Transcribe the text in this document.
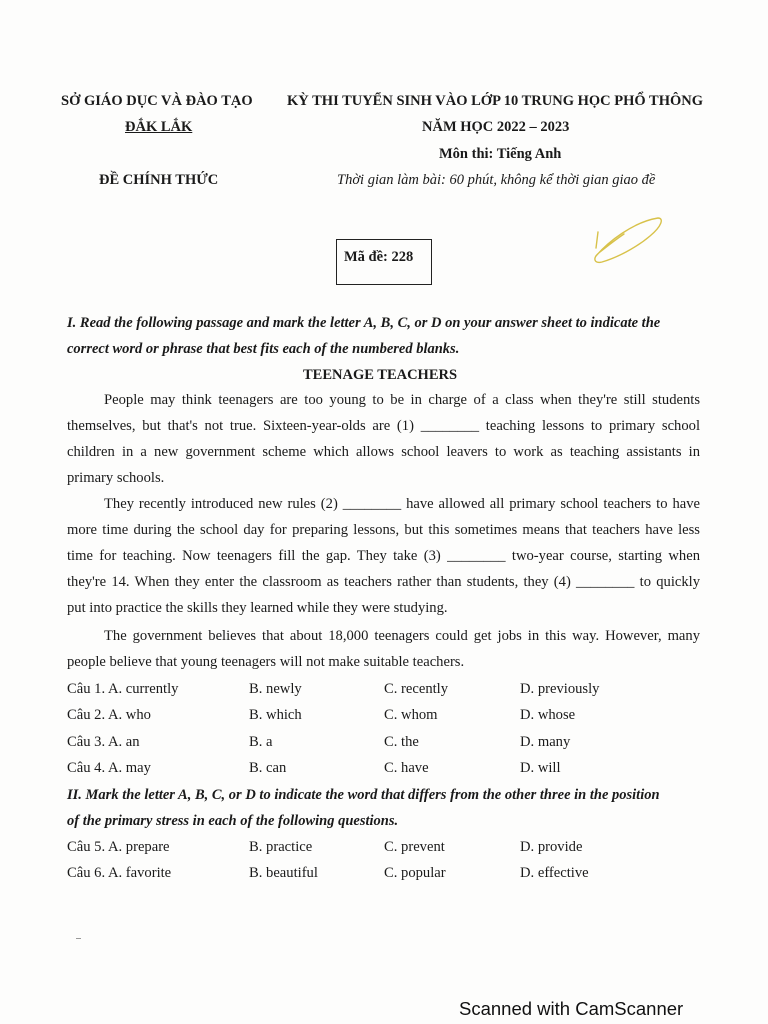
SỞ GIÁO DỤC VÀ ĐÀO TẠO
ĐẮK LẮK
ĐỀ CHÍNH THỨC
KỲ THI TUYỂN SINH VÀO LỚP 10 TRUNG HỌC PHỔ THÔNG
NĂM HỌC 2022 – 2023
Môn thi: Tiếng Anh
Thời gian làm bài: 60 phút, không kể thời gian giao đề
Mã đề: 228
I. Read the following passage and mark the letter A, B, C, or D on your answer sheet to indicate the
correct word or phrase that best fits each of the numbered blanks.
TEENAGE TEACHERS
People may think teenagers are too young to be in charge of a class when they're still students
themselves, but that's not true. Sixteen-year-olds are (1) ________ teaching lessons to primary school
children in a new government scheme which allows school leavers to work as teaching assistants in
primary schools.
They recently introduced new rules (2) ________ have allowed all primary school teachers to have
more time during the school day for preparing lessons, but this sometimes means that teachers have less
time for teaching. Now teenagers fill the gap. They take (3) ________ two-year course, starting when
they're 14. When they enter the classroom as teachers rather than students, they (4) ________ to quickly
put into practice the skills they learned while they were studying.
The government believes that about 18,000 teenagers could get jobs in this way. However, many
people believe that young teenagers will not make suitable teachers.
Câu 1. A. currently	B. newly	C. recently	D. previously
Câu 2. A. who	B. which	C. whom	D. whose
Câu 3. A. an	B. a	C. the	D. many
Câu 4. A. may	B. can	C. have	D. will
II. Mark the letter A, B, C, or D to indicate the word that differs from the other three in the position
of the primary stress in each of the following questions.
Câu 5. A. prepare	B. practice	C. prevent	D. provide
Câu 6. A. favorite	B. beautiful	C. popular	D. effective
Scanned with CamScanner
